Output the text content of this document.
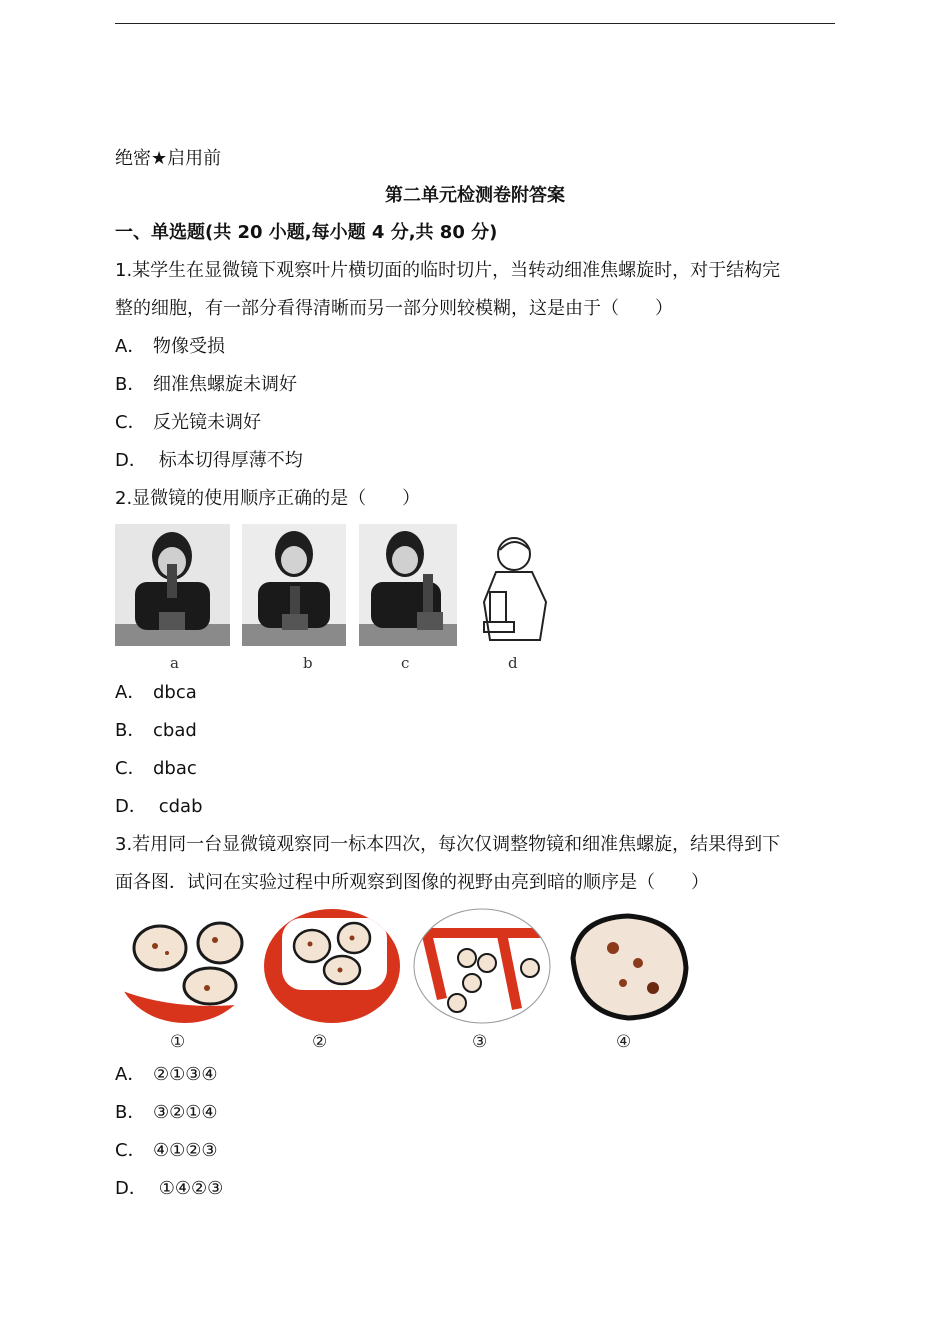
绝密★启用前
第二单元检测卷附答案
一、单选题(共 20 小题,每小题 4 分,共 80 分)
1.某学生在显微镜下观察叶片横切面的临时切片，当转动细准焦螺旋时，对于结构完
整的细胞，有一部分看得清晰而另一部分则较模糊，这是由于（　　）
A． 物像受损
B． 细准焦螺旋未调好
C． 反光镜未调好
D． 标本切得厚薄不均
2.显微镜的使用顺序正确的是（　　）
a	b	c	d
A． dbca
B． cbad
C． dbac
D． cdab
3.若用同一台显微镜观察同一标本四次，每次仅调整物镜和细准焦螺旋，结果得到下
面各图．试问在实验过程中所观察到图像的视野由亮到暗的顺序是（　　）
①	②	③	④
A． ②①③④
B． ③②①④
C． ④①②③
D． ①④②③
